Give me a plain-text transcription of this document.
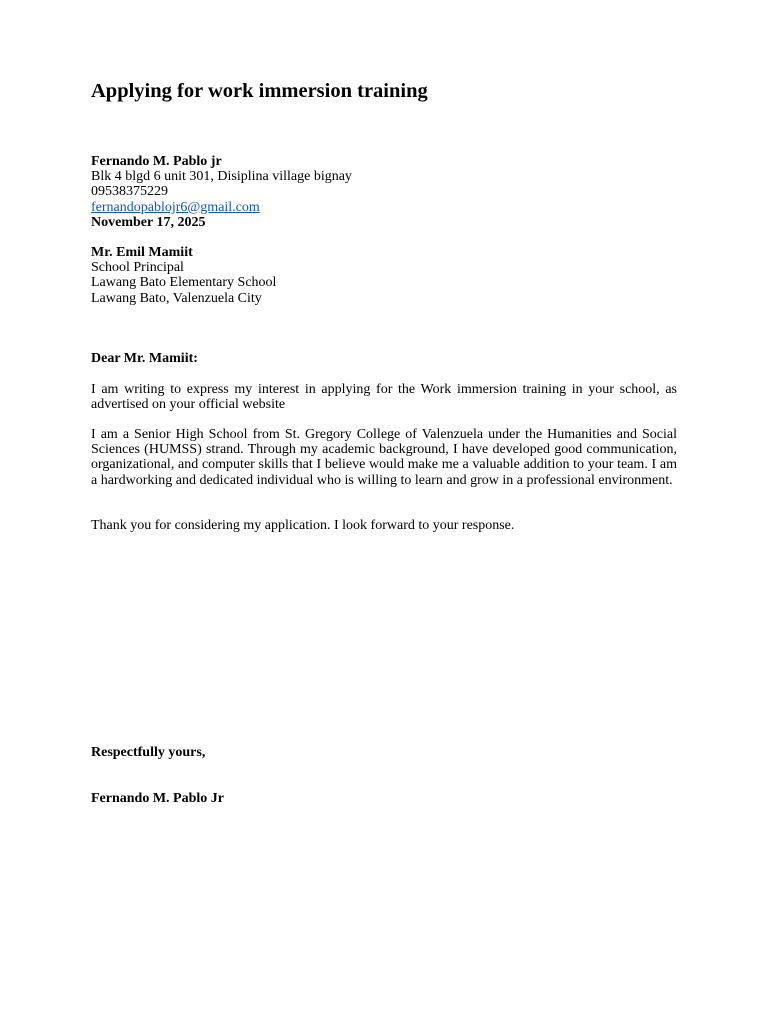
Applying for work immersion training
Fernando M. Pablo jr
Blk 4 blgd 6 unit 301, Disiplina village bignay
09538375229
fernandopablojr6@gmail.com
November 17, 2025
Mr. Emil Mamiit
School Principal
Lawang Bato Elementary School
Lawang Bato, Valenzuela City
Dear Mr. Mamiit:

I am writing to express my interest in applying for the Work immersion training in your school, as advertised on your official website

I am a Senior High School from St. Gregory College of Valenzuela under the Humanities and Social Sciences (HUMSS) strand. Through my academic background, I have developed good communication, organizational, and computer skills that I believe would make me a valuable addition to your team. I am a hardworking and dedicated individual who is willing to learn and grow in a professional environment.

Thank you for considering my application. I look forward to your response.

Respectfully yours,
Fernando M. Pablo Jr
